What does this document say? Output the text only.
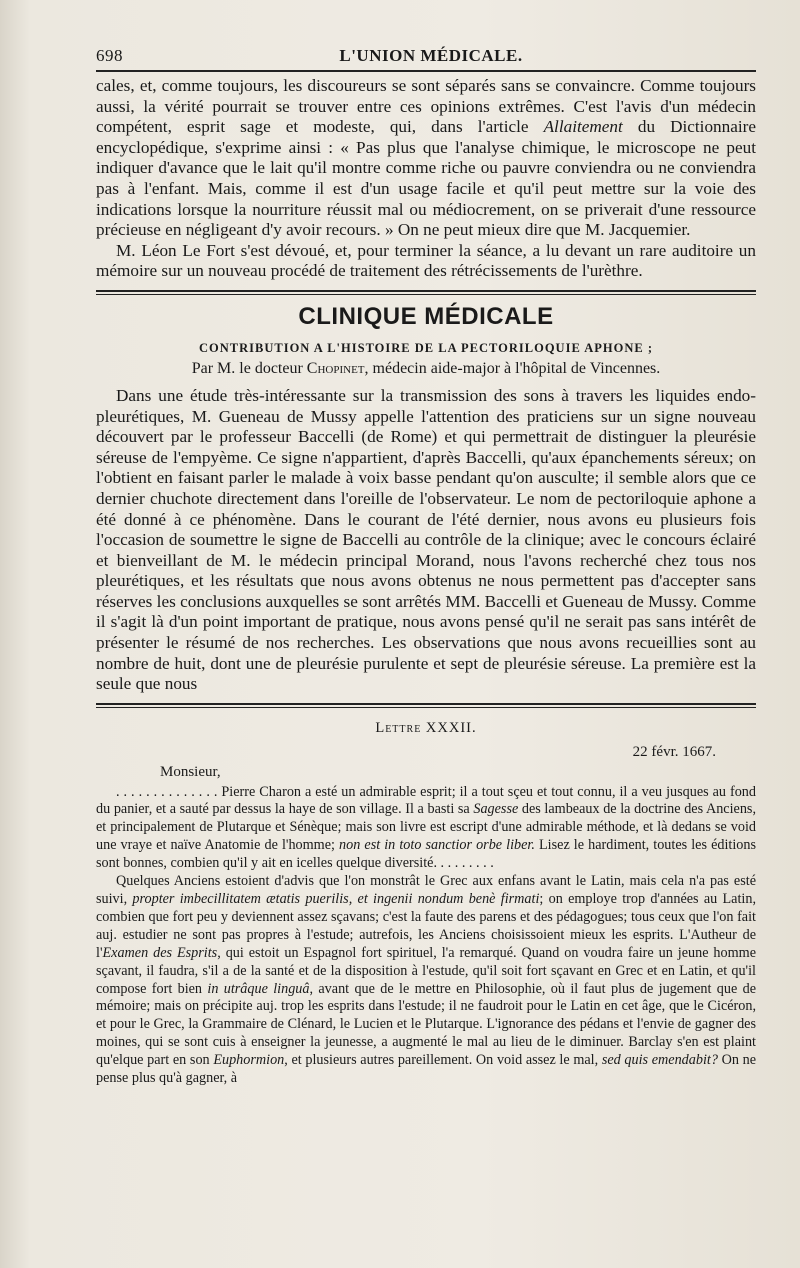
698	L'UNION MÉDICALE.

cales, et, comme toujours, les discoureurs se sont séparés sans se convaincre. Comme toujours aussi, la vérité pourrait se trouver entre ces opinions extrêmes. C'est l'avis d'un médecin compétent, esprit sage et modeste, qui, dans l'article Allaitement du Dictionnaire encyclopédique, s'exprime ainsi : « Pas plus que l'analyse chimique, le microscope ne peut indiquer d'avance que le lait qu'il montre comme riche ou pauvre conviendra ou ne conviendra pas à l'enfant. Mais, comme il est d'un usage facile et qu'il peut mettre sur la voie des indications lorsque la nourriture réussit mal ou médiocrement, on se priverait d'une ressource précieuse en négligeant d'y avoir recours. » On ne peut mieux dire que M. Jacquemier.

M. Léon Le Fort s'est dévoué, et, pour terminer la séance, a lu devant un rare auditoire un mémoire sur un nouveau procédé de traitement des rétrécissements de l'urèthre.

CLINIQUE MÉDICALE
CONTRIBUTION A L'HISTOIRE DE LA PECTORILOQUIE APHONE ;
Par M. le docteur Chopinet, médecin aide-major à l'hôpital de Vincennes.

Dans une étude très-intéressante sur la transmission des sons à travers les liquides endo-pleurétiques, M. Gueneau de Mussy appelle l'attention des praticiens sur un signe nouveau découvert par le professeur Baccelli (de Rome) et qui permettrait de distinguer la pleurésie séreuse de l'empyème. Ce signe n'appartient, d'après Baccelli, qu'aux épanchements séreux; on l'obtient en faisant parler le malade à voix basse pendant qu'on ausculte; il semble alors que ce dernier chuchote directement dans l'oreille de l'observateur. Le nom de pectoriloquie aphone a été donné à ce phénomène. Dans le courant de l'été dernier, nous avons eu plusieurs fois l'occasion de soumettre le signe de Baccelli au contrôle de la clinique; avec le concours éclairé et bienveillant de M. le médecin principal Morand, nous l'avons recherché chez tous nos pleurétiques, et les résultats que nous avons obtenus ne nous permettent pas d'accepter sans réserves les conclusions auxquelles se sont arrêtés MM. Baccelli et Gueneau de Mussy. Comme il s'agit là d'un point important de pratique, nous avons pensé qu'il ne serait pas sans intérêt de présenter le résumé de nos recherches. Les observations que nous avons recueillies sont au nombre de huit, dont une de pleurésie purulente et sept de pleurésie séreuse. La première est la seule que nous

Lettre XXXII.
22 févr. 1667.
Monsieur,

. . . . . . . . . . . . . . Pierre Charon a esté un admirable esprit; il a tout sçeu et tout connu, il a veu jusques au fond du panier, et a sauté par dessus la haye de son village. Il a basti sa Sagesse des lambeaux de la doctrine des Anciens, et principalement de Plutarque et Sénèque; mais son livre est escript d'une admirable méthode, et là dedans se void une vraye et naïve Anatomie de l'homme; non est in toto sanctior orbe liber. Lisez le hardiment, toutes les éditions sont bonnes, combien qu'il y ait en icelles quelque diversité. . . . . . . . .

Quelques Anciens estoient d'advis que l'on monstrât le Grec aux enfans avant le Latin, mais cela n'a pas esté suivi, propter imbecillitatem ætatis puerilis, et ingenii nondum benè firmati; on employe trop d'années au Latin, combien que fort peu y deviennent assez sçavans; c'est la faute des parens et des pédagogues; tous ceux que l'on fait auj. estudier ne sont pas propres à l'estude; autrefois, les Anciens choisissoient mieux les esprits. L'Autheur de l'Examen des Esprits, qui estoit un Espagnol fort spirituel, l'a remarqué. Quand on voudra faire un jeune homme sçavant, il faudra, s'il a de la santé et de la disposition à l'estude, qu'il soit fort sçavant en Grec et en Latin, et qu'il compose fort bien in utrâque linguâ, avant que de le mettre en Philosophie, où il faut plus de jugement que de mémoire; mais on précipite auj. trop les esprits dans l'estude; il ne faudroit pour le Latin en cet âge, que le Cicéron, et pour le Grec, la Grammaire de Clénard, le Lucien et le Plutarque. L'ignorance des pédans et l'envie de gagner des moines, qui se sont cuis à enseigner la jeunesse, a augmenté le mal au lieu de le diminuer. Barclay s'en est plaint qu'elque part en son Euphormion, et plusieurs autres pareillement. On void assez le mal, sed quis emendabit? On ne pense plus qu'à gagner, à
